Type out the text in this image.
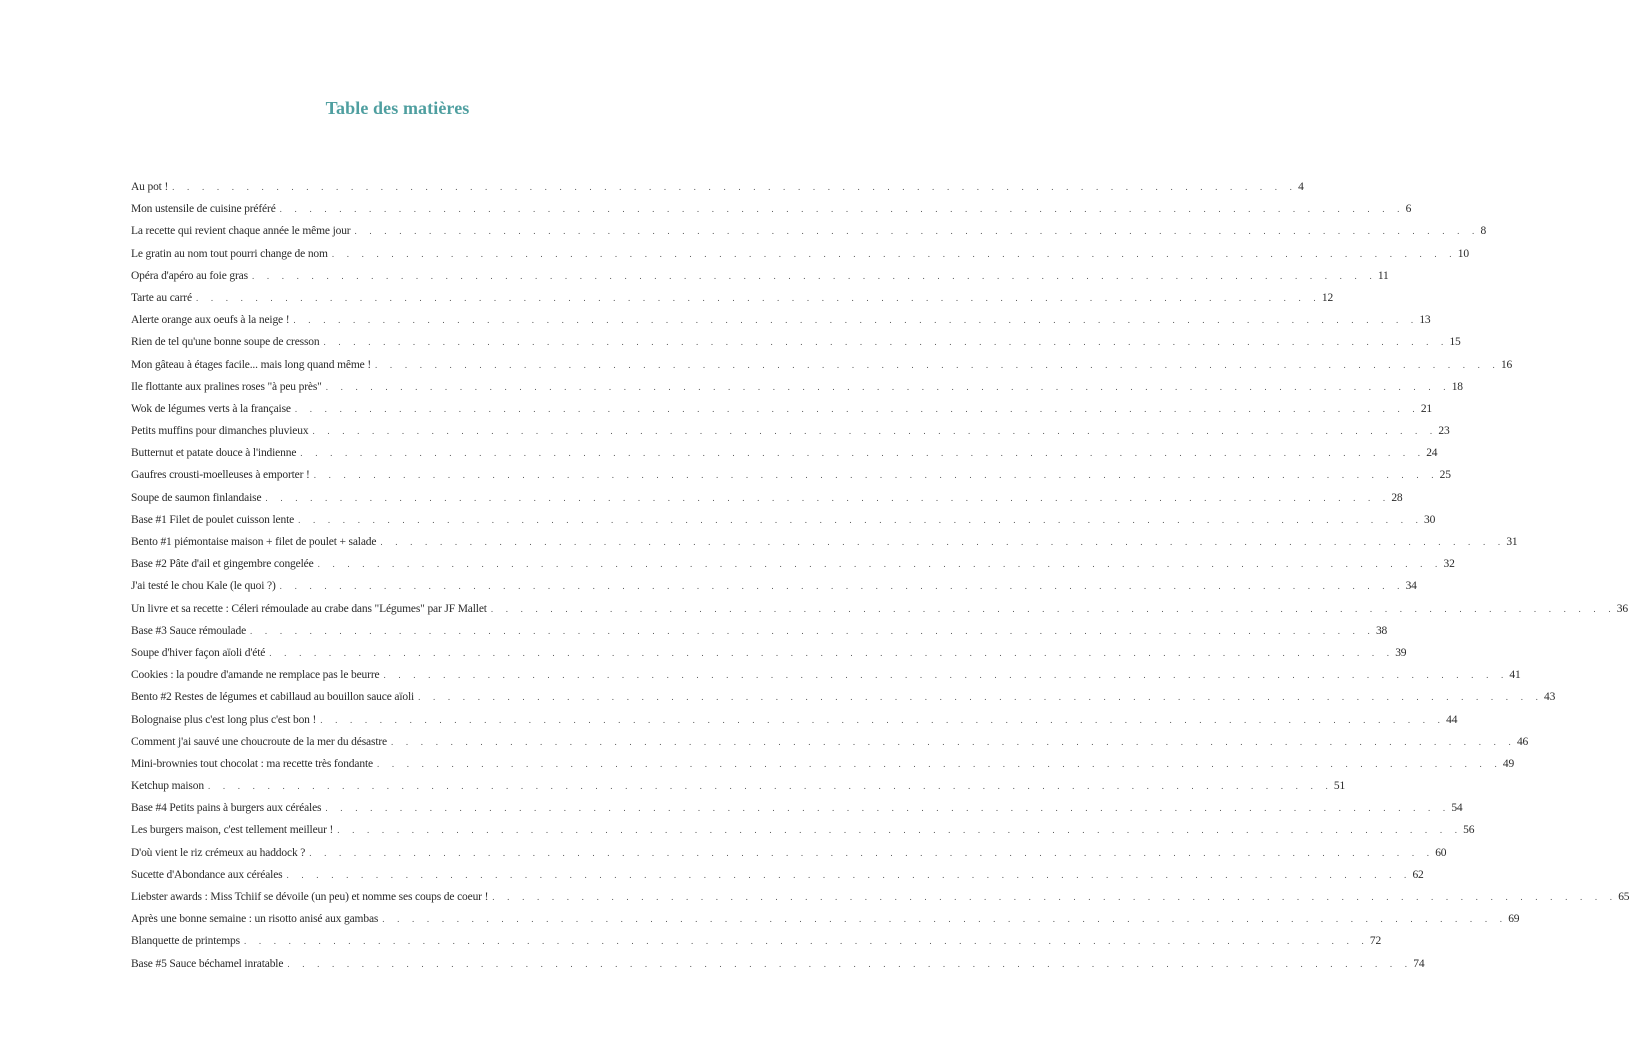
Table des matières
Au pot ! . . . . . . . . . . . . . . . . . . . . . . . . . . . . . . . . . . . . . . . . . . . . . . . . . . . . . . . . . . . . . . . . . . . . . . . . . . . . 4
Mon ustensile de cuisine préféré . . . . . . . . . . . . . . . . . . . . . . . . . . . . . . . . . . . . . . . . . . . . . . . . . . . . . . . . . . . . . . . . . . . . . . . . . . . . 6
La recette qui revient chaque année le même jour . . . . . . . . . . . . . . . . . . . . . . . . . . . . . . . . . . . . . . . . . . . . . . . . . . . . . . . . . . . . . . . . . . . . . . . . . . . . 8
Le gratin au nom tout pourri change de nom . . . . . . . . . . . . . . . . . . . . . . . . . . . . . . . . . . . . . . . . . . . . . . . . . . . . . . . . . . . . . . . . . . . . . . . . . . . . 10
Opéra d'apéro au foie gras . . . . . . . . . . . . . . . . . . . . . . . . . . . . . . . . . . . . . . . . . . . . . . . . . . . . . . . . . . . . . . . . . . . . . . . . . . . . 11
Tarte au carré . . . . . . . . . . . . . . . . . . . . . . . . . . . . . . . . . . . . . . . . . . . . . . . . . . . . . . . . . . . . . . . . . . . . . . . . . . . . 12
Alerte orange aux oeufs à la neige ! . . . . . . . . . . . . . . . . . . . . . . . . . . . . . . . . . . . . . . . . . . . . . . . . . . . . . . . . . . . . . . . . . . . . . . . . . . . . 13
Rien de tel qu'une bonne soupe de cresson . . . . . . . . . . . . . . . . . . . . . . . . . . . . . . . . . . . . . . . . . . . . . . . . . . . . . . . . . . . . . . . . . . . . . . . . . . . . 15
Mon gâteau à étages facile... mais long quand même ! . . . . . . . . . . . . . . . . . . . . . . . . . . . . . . . . . . . . . . . . . . . . . . . . . . . . . . . . . . . . . . . . . . . . . . . . . . . . 16
Ile flottante aux pralines roses "à peu près" . . . . . . . . . . . . . . . . . . . . . . . . . . . . . . . . . . . . . . . . . . . . . . . . . . . . . . . . . . . . . . . . . . . . . . . . . . . . 18
Wok de légumes verts à la française . . . . . . . . . . . . . . . . . . . . . . . . . . . . . . . . . . . . . . . . . . . . . . . . . . . . . . . . . . . . . . . . . . . . . . . . . . . . 21
Petits muffins pour dimanches pluvieux . . . . . . . . . . . . . . . . . . . . . . . . . . . . . . . . . . . . . . . . . . . . . . . . . . . . . . . . . . . . . . . . . . . . . . . . . . . . 23
Butternut et patate douce à l'indienne . . . . . . . . . . . . . . . . . . . . . . . . . . . . . . . . . . . . . . . . . . . . . . . . . . . . . . . . . . . . . . . . . . . . . . . . . . . . 24
Gaufres crousti-moelleuses à emporter ! . . . . . . . . . . . . . . . . . . . . . . . . . . . . . . . . . . . . . . . . . . . . . . . . . . . . . . . . . . . . . . . . . . . . . . . . . . . . 25
Soupe de saumon finlandaise . . . . . . . . . . . . . . . . . . . . . . . . . . . . . . . . . . . . . . . . . . . . . . . . . . . . . . . . . . . . . . . . . . . . . . . . . . . . 28
Base #1 Filet de poulet cuisson lente . . . . . . . . . . . . . . . . . . . . . . . . . . . . . . . . . . . . . . . . . . . . . . . . . . . . . . . . . . . . . . . . . . . . . . . . . . . . 30
Bento #1 piémontaise maison + filet de poulet + salade . . . . . . . . . . . . . . . . . . . . . . . . . . . . . . . . . . . . . . . . . . . . . . . . . . . . . . . . . . . . . . . . . . . . . . . . . . . . 31
Base #2 Pâte d'ail et gingembre congelée . . . . . . . . . . . . . . . . . . . . . . . . . . . . . . . . . . . . . . . . . . . . . . . . . . . . . . . . . . . . . . . . . . . . . . . . . . . . 32
J'ai testé le chou Kale (le quoi ?) . . . . . . . . . . . . . . . . . . . . . . . . . . . . . . . . . . . . . . . . . . . . . . . . . . . . . . . . . . . . . . . . . . . . . . . . . . . . 34
Un livre et sa recette : Céleri rémoulade au crabe dans "Légumes" par JF Mallet . . . . . . . . . . . . . . . . . . . . . . . . . . . . . . . . . . . . . . . . . . . . . . . . . . . . . . . . . . . . . . . . . . . . . . . . . . . . 36
Base #3 Sauce rémoulade . . . . . . . . . . . . . . . . . . . . . . . . . . . . . . . . . . . . . . . . . . . . . . . . . . . . . . . . . . . . . . . . . . . . . . . . . . . . 38
Soupe d'hiver façon aïoli d'été . . . . . . . . . . . . . . . . . . . . . . . . . . . . . . . . . . . . . . . . . . . . . . . . . . . . . . . . . . . . . . . . . . . . . . . . . . . . 39
Cookies : la poudre d'amande ne remplace pas le beurre . . . . . . . . . . . . . . . . . . . . . . . . . . . . . . . . . . . . . . . . . . . . . . . . . . . . . . . . . . . . . . . . . . . . . . . . . . . . 41
Bento #2 Restes de légumes et cabillaud au bouillon sauce aïoli . . . . . . . . . . . . . . . . . . . . . . . . . . . . . . . . . . . . . . . . . . . . . . . . . . . . . . . . . . . . . . . . . . . . . . . . . . . . 43
Bolognaise plus c'est long plus c'est bon ! . . . . . . . . . . . . . . . . . . . . . . . . . . . . . . . . . . . . . . . . . . . . . . . . . . . . . . . . . . . . . . . . . . . . . . . . . . . . 44
Comment j'ai sauvé une choucroute de la mer du désastre . . . . . . . . . . . . . . . . . . . . . . . . . . . . . . . . . . . . . . . . . . . . . . . . . . . . . . . . . . . . . . . . . . . . . . . . . . . . 46
Mini-brownies tout chocolat : ma recette très fondante . . . . . . . . . . . . . . . . . . . . . . . . . . . . . . . . . . . . . . . . . . . . . . . . . . . . . . . . . . . . . . . . . . . . . . . . . . . . 49
Ketchup maison . . . . . . . . . . . . . . . . . . . . . . . . . . . . . . . . . . . . . . . . . . . . . . . . . . . . . . . . . . . . . . . . . . . . . . . . . . . . 51
Base #4 Petits pains à burgers aux céréales . . . . . . . . . . . . . . . . . . . . . . . . . . . . . . . . . . . . . . . . . . . . . . . . . . . . . . . . . . . . . . . . . . . . . . . . . . . . 54
Les burgers maison, c'est tellement meilleur ! . . . . . . . . . . . . . . . . . . . . . . . . . . . . . . . . . . . . . . . . . . . . . . . . . . . . . . . . . . . . . . . . . . . . . . . . . . . . 56
D'où vient le riz crémeux au haddock ? . . . . . . . . . . . . . . . . . . . . . . . . . . . . . . . . . . . . . . . . . . . . . . . . . . . . . . . . . . . . . . . . . . . . . . . . . . . . 60
Sucette d'Abondance aux céréales . . . . . . . . . . . . . . . . . . . . . . . . . . . . . . . . . . . . . . . . . . . . . . . . . . . . . . . . . . . . . . . . . . . . . . . . . . . . 62
Liebster awards : Miss Tchiif se dévoile (un peu) et nomme ses coups de coeur ! . . . . . . . . . . . . . . . . . . . . . . . . . . . . . . . . . . . . . . . . . . . . . . . . . . . . . . . . . . . . . . . . . . . . . . . . . . . . 65
Après une bonne semaine : un risotto anisé aux gambas . . . . . . . . . . . . . . . . . . . . . . . . . . . . . . . . . . . . . . . . . . . . . . . . . . . . . . . . . . . . . . . . . . . . . . . . . . . . 69
Blanquette de printemps . . . . . . . . . . . . . . . . . . . . . . . . . . . . . . . . . . . . . . . . . . . . . . . . . . . . . . . . . . . . . . . . . . . . . . . . . . . . 72
Base #5 Sauce béchamel inratable . . . . . . . . . . . . . . . . . . . . . . . . . . . . . . . . . . . . . . . . . . . . . . . . . . . . . . . . . . . . . . . . . . . . . . . . . . . . 74
